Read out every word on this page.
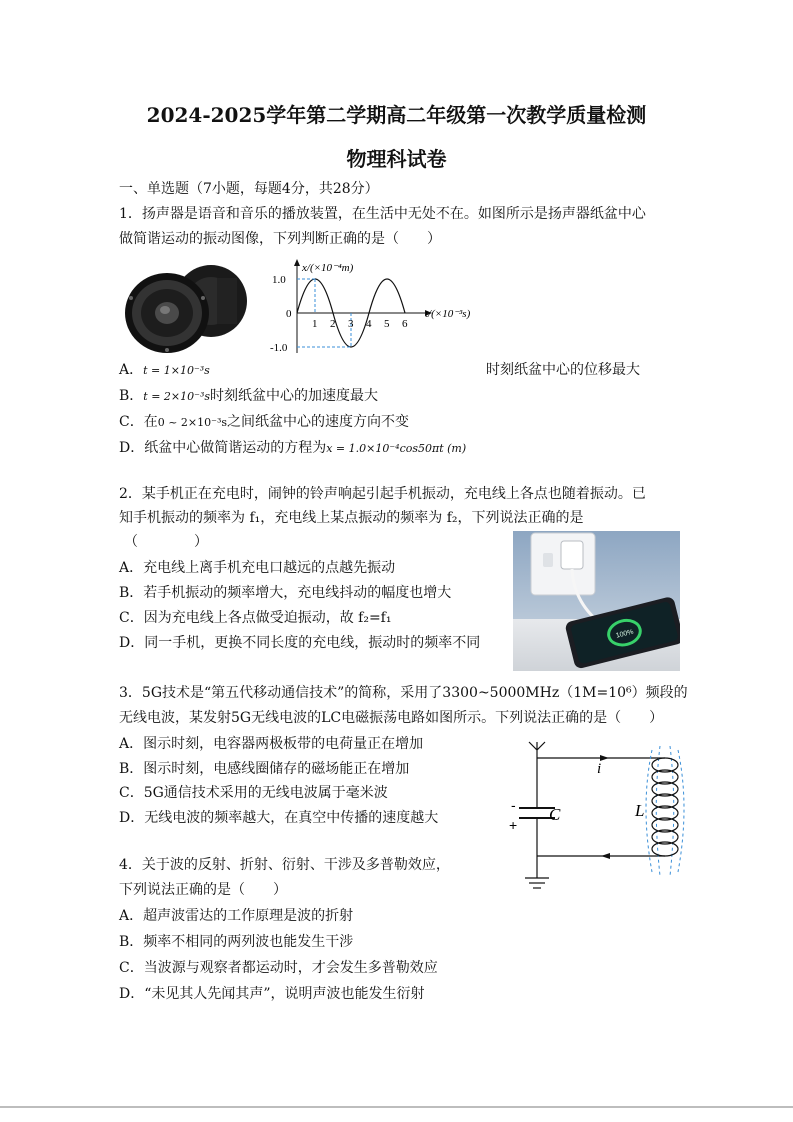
2024-2025学年第二学期高二年级第一次教学质量检测
物理科试卷
一、单选题（7小题，每题4分，共28分）
1．扬声器是语音和音乐的播放装置，在生活中无处不在。如图所示是扬声器纸盆中心
做简谐运动的振动图像，下列判断正确的是（　　）
x/(×10⁻⁴m)
t/(×10⁻³s)
1.0
-1.0
0
1 2 3 4 5 6
A．t = 1×10⁻³s	时刻纸盆中心的位移最大
B．t = 2×10⁻³s时刻纸盆中心的加速度最大
C．在0 ~ 2×10⁻³s之间纸盆中心的速度方向不变
D．纸盆中心做简谐运动的方程为x = 1.0×10⁻⁴cos50πt (m)
2．某手机正在充电时，闹钟的铃声响起引起手机振动，充电线上各点也随着振动。已
知手机振动的频率为 f₁，充电线上某点振动的频率为 f₂，下列说法正确的是
（　　　　）
A．充电线上离手机充电口越远的点越先振动
B．若手机振动的频率增大，充电线抖动的幅度也增大
C．因为充电线上各点做受迫振动，故 f₂=f₁
D．同一手机，更换不同长度的充电线，振动时的频率不同
100%
3．5G技术是“第五代移动通信技术”的简称，采用了3300~5000MHz（1M=10⁶）频段的
无线电波，某发射5G无线电波的LC电磁振荡电路如图所示。下列说法正确的是（　　）
A．图示时刻，电容器两极板带的电荷量正在增加
B．图示时刻，电感线圈储存的磁场能正在增加
C．5G通信技术采用的无线电波属于毫米波
D．无线电波的频率越大，在真空中传播的速度越大
i
C	L
-
+
4．关于波的反射、折射、衍射、干涉及多普勒效应，
下列说法正确的是（　　）
A．超声波雷达的工作原理是波的折射
B．频率不相同的两列波也能发生干涉
C．当波源与观察者都运动时，才会发生多普勒效应
D．“未见其人先闻其声”，说明声波也能发生衍射
